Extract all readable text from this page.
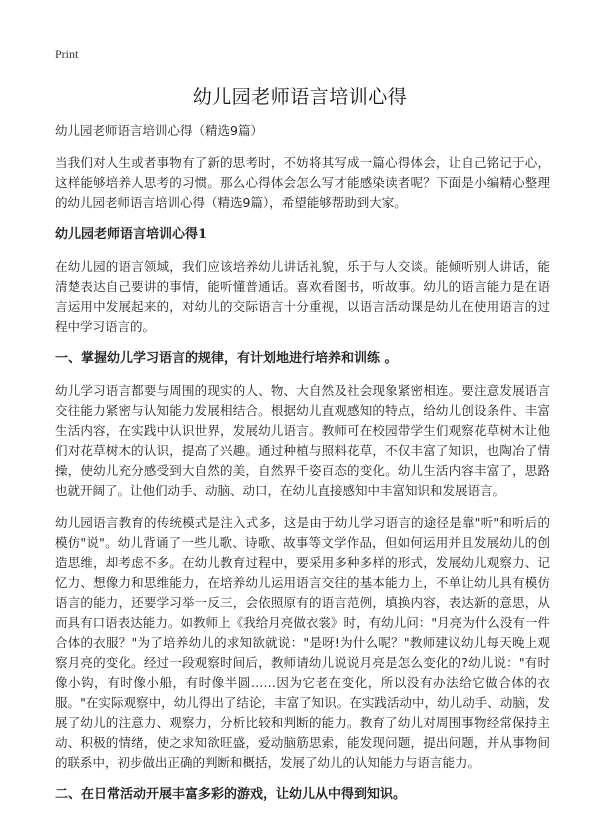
Print
幼儿园老师语言培训心得

幼儿园老师语言培训心得（精选9篇）

当我们对人生或者事物有了新的思考时，不妨将其写成一篇心得体会，让自己铭记于心，这样能够培养人思考的习惯。那么心得体会怎么写才能感染读者呢？下面是小编精心整理的幼儿园老师语言培训心得（精选9篇），希望能够帮助到大家。

幼儿园老师语言培训心得1

在幼儿园的语言领域，我们应该培养幼儿讲话礼貌，乐于与人交谈。能倾听别人讲话，能清楚表达自己要讲的事情，能听懂普通话。喜欢看图书，听故事。幼儿的语言能力是在语言运用中发展起来的，对幼儿的交际语言十分重视，以语言活动课是幼儿在使用语言的过程中学习语言的。

一、掌握幼儿学习语言的规律，有计划地进行培养和训练 。

幼儿学习语言都要与周围的现实的人、物、大自然及社会现象紧密相连。要注意发展语言交往能力紧密与认知能力发展相结合。根据幼儿直观感知的特点，给幼儿创设条件、丰富生活内容，在实践中认识世界，发展幼儿语言。教师可在校园带学生们观察花草树木让他们对花草树木的认识，提高了兴趣。通过种植与照料花草，不仅丰富了知识，也陶冶了情操，使幼儿充分感受到大自然的美，自然界千姿百态的变化。幼儿生活内容丰富了，思路也就开阔了。让他们动手、动脑、动口，在幼儿直接感知中丰富知识和发展语言。

幼儿园语言教育的传统模式是注入式多，这是由于幼儿学习语言的途径是靠"听"和听后的模仿"说"。幼儿背诵了一些儿歌、诗歌、故事等文学作品，但如何运用并且发展幼儿的创造思维，却考虑不多。在幼儿教育过程中，要采用多种多样的形式，发展幼儿观察力、记忆力、想像力和思维能力，在培养幼儿运用语言交往的基本能力上，不单让幼儿具有模仿语言的能力，还要学习举一反三，会依照原有的语言范例，填换内容，表达新的意思，从而具有口语表达能力。如教师上《我给月亮做衣裳》时，有幼儿问："月亮为什么没有一件合体的衣服？"为了培养幼儿的求知欲就说："是呀!为什么呢？"教师建议幼儿每天晚上观察月亮的变化。经过一段观察时间后，教师请幼儿说说月亮是怎么变化的?幼儿说："有时像小钩，有时像小船，有时像半圆……因为它老在变化，所以没有办法给它做合体的衣服。"在实际观察中，幼儿得出了结论，丰富了知识。在实践活动中，幼儿动手、动脑，发展了幼儿的注意力、观察力，分析比较和判断的能力。教育了幼儿对周围事物经常保持主动、积极的情绪，使之求知欲旺盛，爱动脑筋思索，能发现问题，提出问题，并从事物间的联系中，初步做出正确的判断和概括，发展了幼儿的认知能力与语言能力。

二、在日常活动开展丰富多彩的游戏，让幼儿从中得到知识。
